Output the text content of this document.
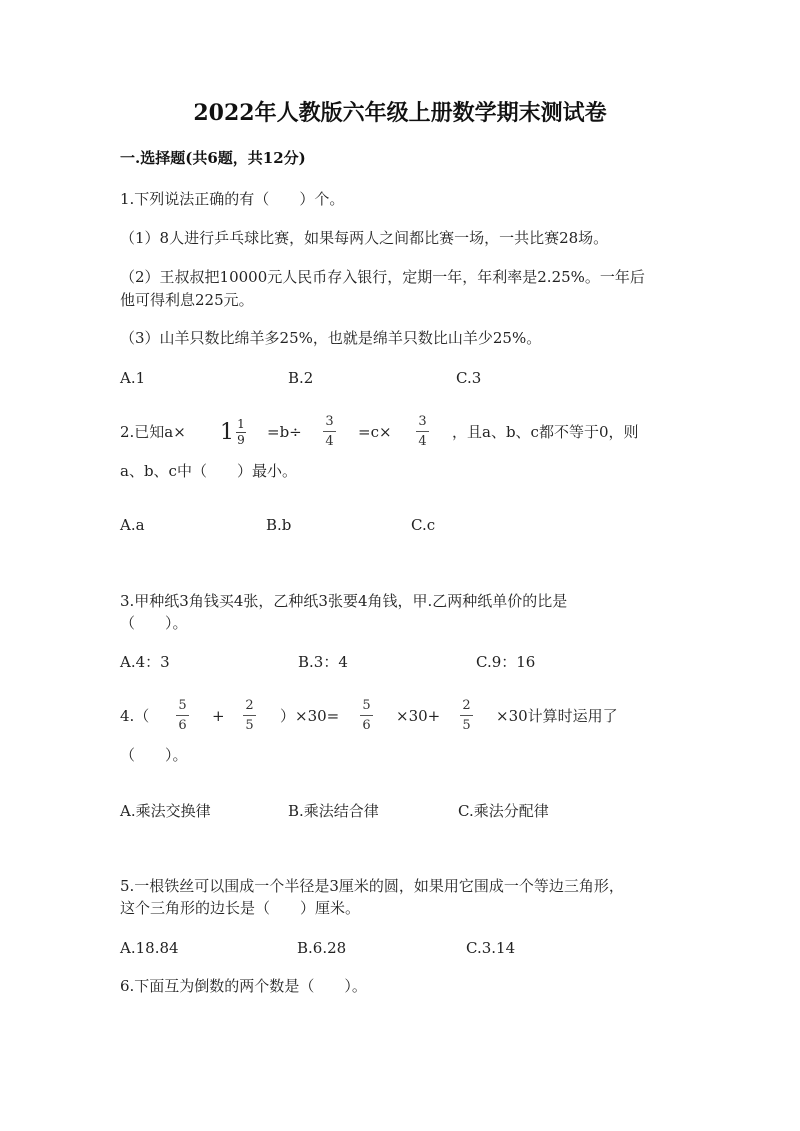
2022年人教版六年级上册数学期末测试卷
一.选择题(共6题，共12分)
1.下列说法正确的有（　　）个。
（1）8人进行乒乓球比赛，如果每两人之间都比赛一场，一共比赛28场。
（2）王叔叔把10000元人民币存入银行，定期一年，年利率是2.25%。一年后
他可得利息225元。
（3）山羊只数比绵羊多25%，也就是绵羊只数比山羊少25%。
A.1	B.2	C.3
2.已知a× 1 1
9 =b÷
3
4
=c×
3
4
，且a、b、c都不等于0，则
a、b、c中（　　）最小。
A.a	B.b	C.c
3.甲种纸3角钱买4张，乙种纸3张要4角钱，甲.乙两种纸单价的比是
（　　）。
A.4：3	B.3：4	C.9：16
4.（
5
6
+
2
5
）×30=
5
6
×30+
2
5
×30计算时运用了
（　　）。
A.乘法交换律	B.乘法结合律	C.乘法分配律
5.一根铁丝可以围成一个半径是3厘米的圆，如果用它围成一个等边三角形，
这个三角形的边长是（　　）厘米。
A.18.84	B.6.28	C.3.14
6.下面互为倒数的两个数是（　　）。
